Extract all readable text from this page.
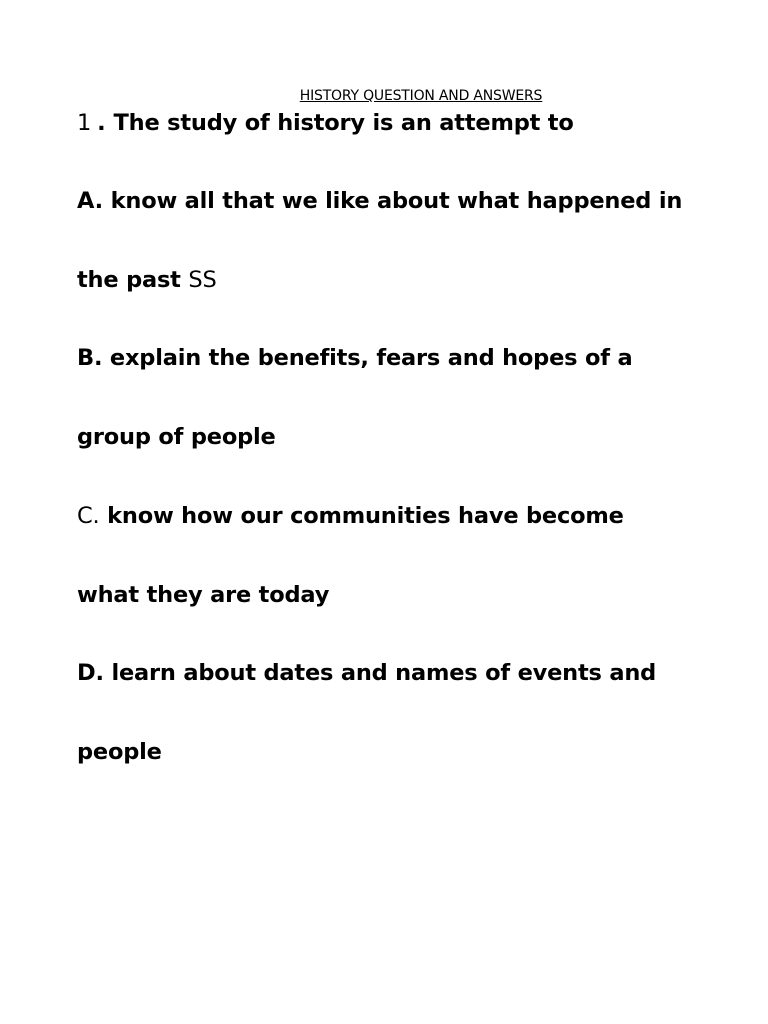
HISTORY QUESTION AND ANSWERS
1 . The study of history is an attempt to
A. know all that we like about what happened in
the past SS
B. explain the benefits, fears and hopes of a
group of people
C. know how our communities have become
what they are today
D. learn about dates and names of events and
people
